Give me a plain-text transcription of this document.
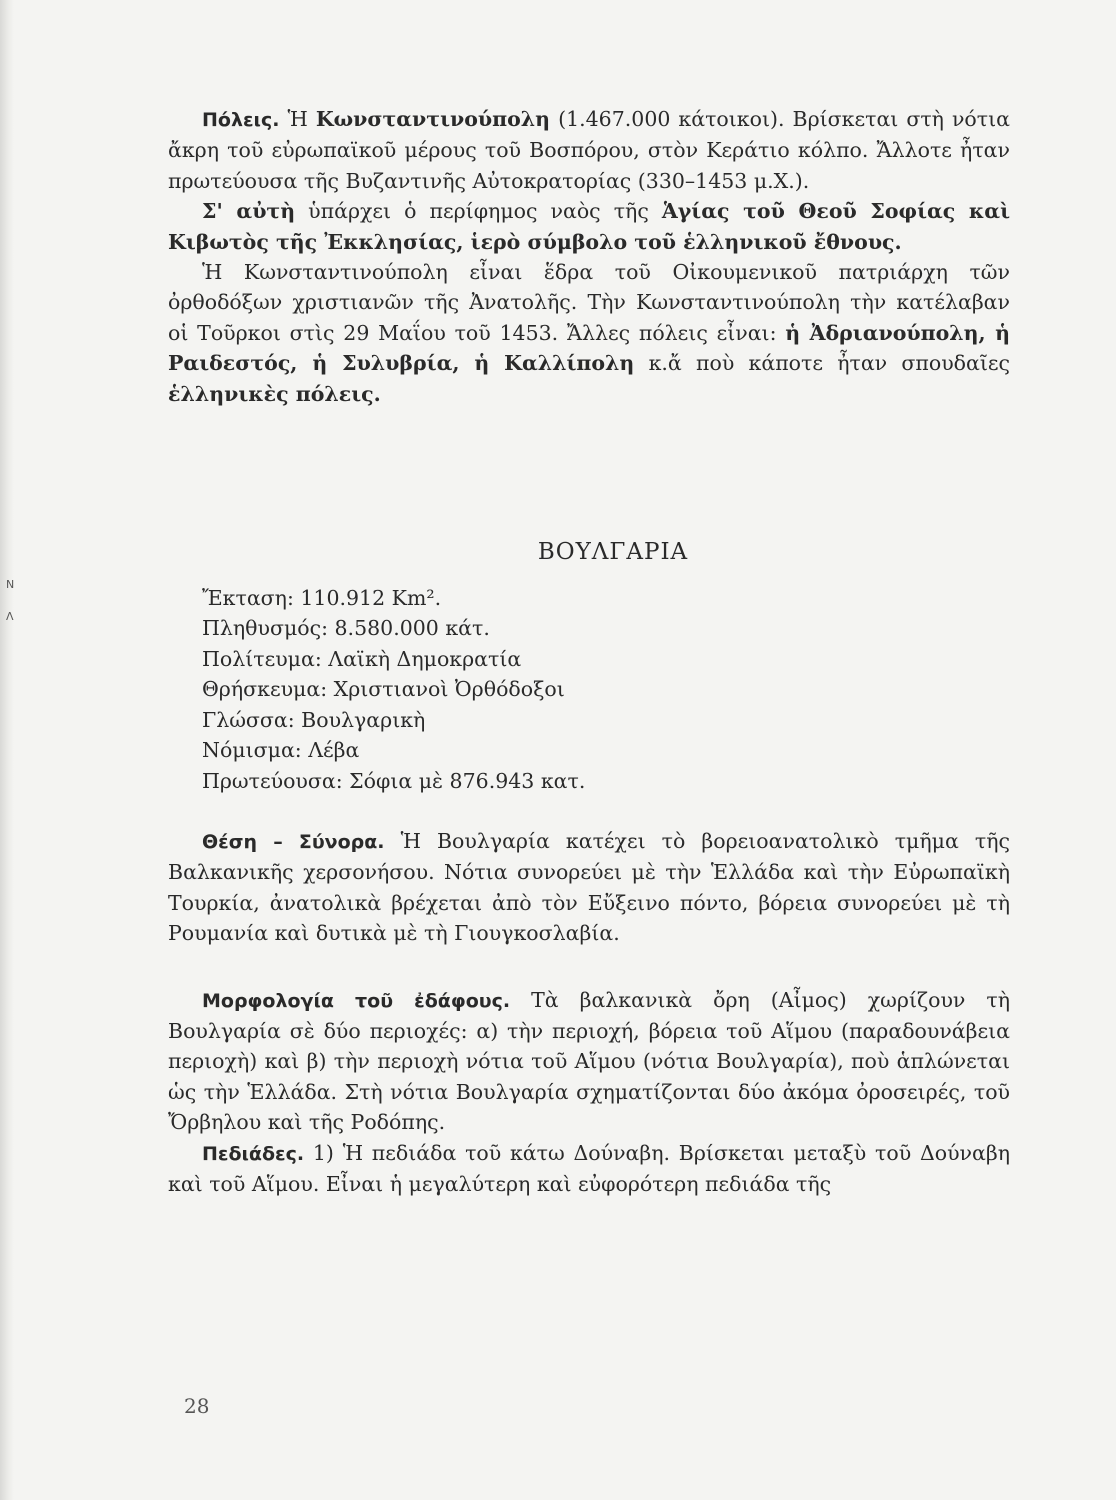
N
Λ

Πόλεις. Ἡ Κωνσταντινούπολη (1.467.000 κάτοικοι). Βρίσκεται στὴ νότια ἄκρη τοῦ εὐρωπαϊκοῦ μέρους τοῦ Βοσπόρου, στὸν Κεράτιο κόλπο. Ἄλλοτε ἦταν πρωτεύουσα τῆς Βυζαντινῆς Αὐτοκρατορίας (330–1453 μ.Χ.).

Σ' αὐτὴ ὑπάρχει ὁ περίφημος ναὸς τῆς Ἁγίας τοῦ Θεοῦ Σοφίας καὶ Κιβωτὸς τῆς Ἐκκλησίας, ἱερὸ σύμβολο τοῦ ἑλληνικοῦ ἔθνους.

Ἡ Κωνσταντινούπολη εἶναι ἕδρα τοῦ Οἰκουμενικοῦ πατριάρχη τῶν ὀρθοδόξων χριστιανῶν τῆς Ἀνατολῆς. Τὴν Κωνσταντινούπολη τὴν κατέλαβαν οἱ Τοῦρκοι στὶς 29 Μαΐου τοῦ 1453. Ἄλλες πόλεις εἶναι: ἡ Ἀδριανούπολη, ἡ Ραιδεστός, ἡ Συλυβρία, ἡ Καλλίπολη κ.ἄ ποὺ κάποτε ἦταν σπουδαῖες ἑλληνικὲς πόλεις.

ΒΟΥΛΓΑΡΙΑ
Ἔκταση: 110.912 Km².
Πληθυσμός: 8.580.000 κάτ.
Πολίτευμα: Λαϊκὴ Δημοκρατία
Θρήσκευμα: Χριστιανοὶ Ὀρθόδοξοι
Γλώσσα: Βουλγαρικὴ
Νόμισμα: Λέβα
Πρωτεύουσα: Σόφια μὲ 876.943 κατ.

Θέση – Σύνορα. Ἡ Βουλγαρία κατέχει τὸ βορειοανατολικὸ τμῆμα τῆς Βαλκανικῆς χερσονήσου. Νότια συνορεύει μὲ τὴν Ἑλλάδα καὶ τὴν Εὐρωπαϊκὴ Τουρκία, ἀνατολικὰ βρέχεται ἀπὸ τὸν Εὔξεινο πόντο, βόρεια συνορεύει μὲ τὴ Ρουμανία καὶ δυτικὰ μὲ τὴ Γιουγκοσλαβία.

Μορφολογία τοῦ ἐδάφους. Τὰ βαλκανικὰ ὄρη (Αἶμος) χωρίζουν τὴ Βουλγαρία σὲ δύο περιοχές: α) τὴν περιοχή, βόρεια τοῦ Αἵμου (παραδουνάβεια περιοχὴ) καὶ β) τὴν περιοχὴ νότια τοῦ Αἵμου (νότια Βουλγαρία), ποὺ ἁπλώνεται ὡς τὴν Ἑλλάδα. Στὴ νότια Βουλγαρία σχηματίζονται δύο ἀκόμα ὀροσειρές, τοῦ Ὄρβηλου καὶ τῆς Ροδόπης.

Πεδιάδες. 1) Ἡ πεδιάδα τοῦ κάτω Δούναβη. Βρίσκεται μεταξὺ τοῦ Δούναβη καὶ τοῦ Αἵμου. Εἶναι ἡ μεγαλύτερη καὶ εὐφορότερη πεδιάδα τῆς

28
